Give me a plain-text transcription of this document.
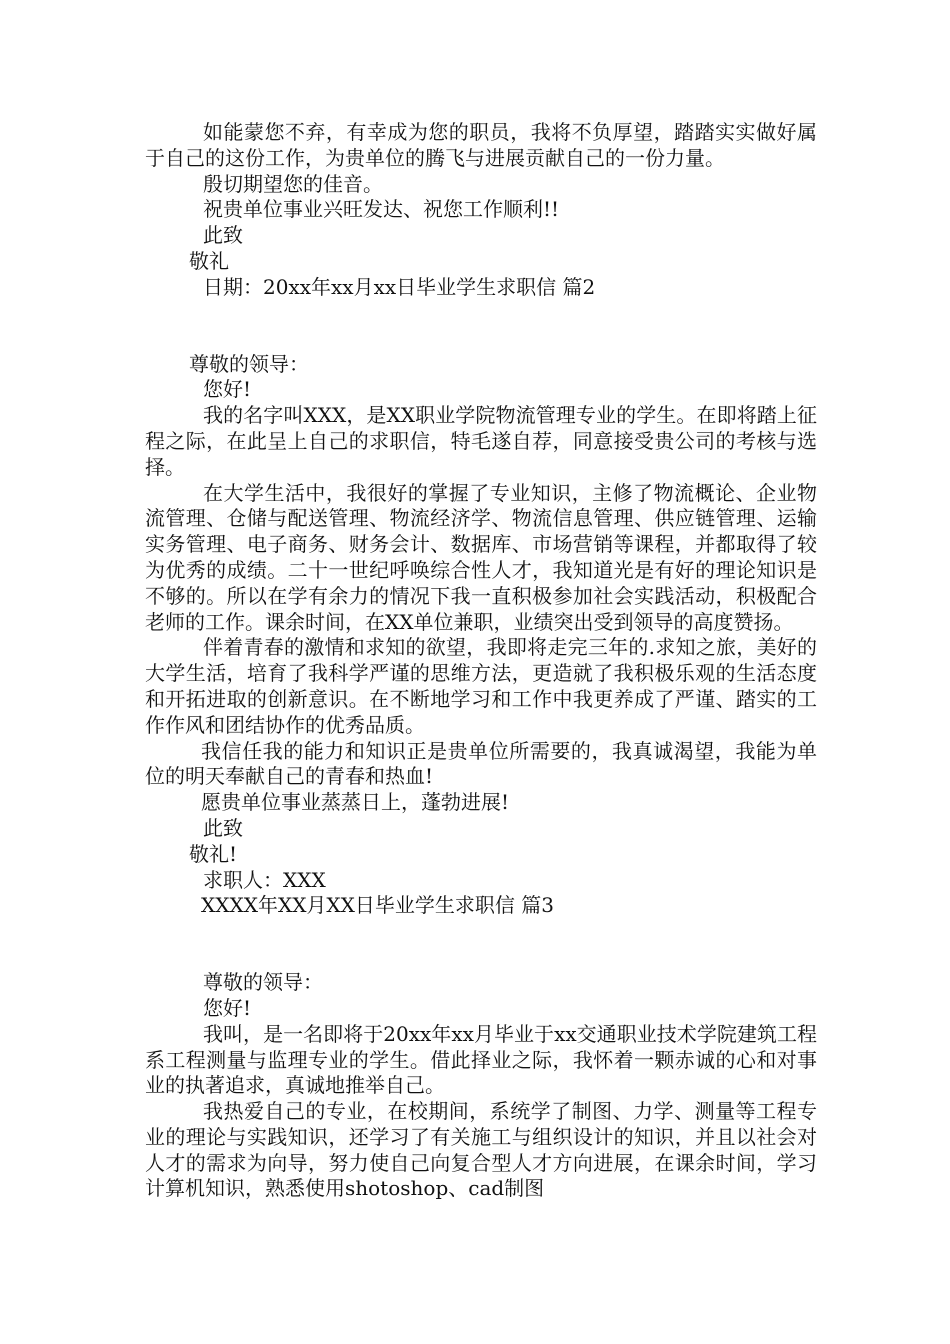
如能蒙您不弃，有幸成为您的职员，我将不负厚望，踏踏实实做好属于自己的这份工作，为贵单位的腾飞与进展贡献自己的一份力量。

殷切期望您的佳音。

祝贵单位事业兴旺发达、祝您工作顺利!!

此致

敬礼

日期：20xx年xx月xx日毕业学生求职信 篇2

尊敬的领导：

您好!

我的名字叫XXX，是XX职业学院物流管理专业的学生。在即将踏上征程之际，在此呈上自己的求职信，特毛遂自荐，同意接受贵公司的考核与选择。

在大学生活中，我很好的掌握了专业知识，主修了物流概论、企业物流管理、仓储与配送管理、物流经济学、物流信息管理、供应链管理、运输实务管理、电子商务、财务会计、数据库、市场营销等课程，并都取得了较为优秀的成绩。二十一世纪呼唤综合性人才，我知道光是有好的理论知识是不够的。所以在学有余力的情况下我一直积极参加社会实践活动，积极配合老师的工作。课余时间，在XX单位兼职，业绩突出受到领导的高度赞扬。

伴着青春的激情和求知的欲望，我即将走完三年的.求知之旅，美好的大学生活，培育了我科学严谨的思维方法，更造就了我积极乐观的生活态度和开拓进取的创新意识。在不断地学习和工作中我更养成了严谨、踏实的工作作风和团结协作的优秀品质。

我信任我的能力和知识正是贵单位所需要的，我真诚渴望，我能为单位的明天奉献自己的青春和热血!

愿贵单位事业蒸蒸日上，蓬勃进展!

此致

敬礼!

求职人：XXX

XXXX年XX月XX日毕业学生求职信 篇3

尊敬的领导：

您好!

我叫，是一名即将于20xx年xx月毕业于xx交通职业技术学院建筑工程系工程测量与监理专业的学生。借此择业之际，我怀着一颗赤诚的心和对事业的执著追求，真诚地推举自己。

我热爱自己的专业，在校期间，系统学了制图、力学、测量等工程专业的理论与实践知识，还学习了有关施工与组织设计的知识，并且以社会对人才的需求为向导，努力使自己向复合型人才方向进展，在课余时间，学习计算机知识，熟悉使用shotoshop、cad制图
